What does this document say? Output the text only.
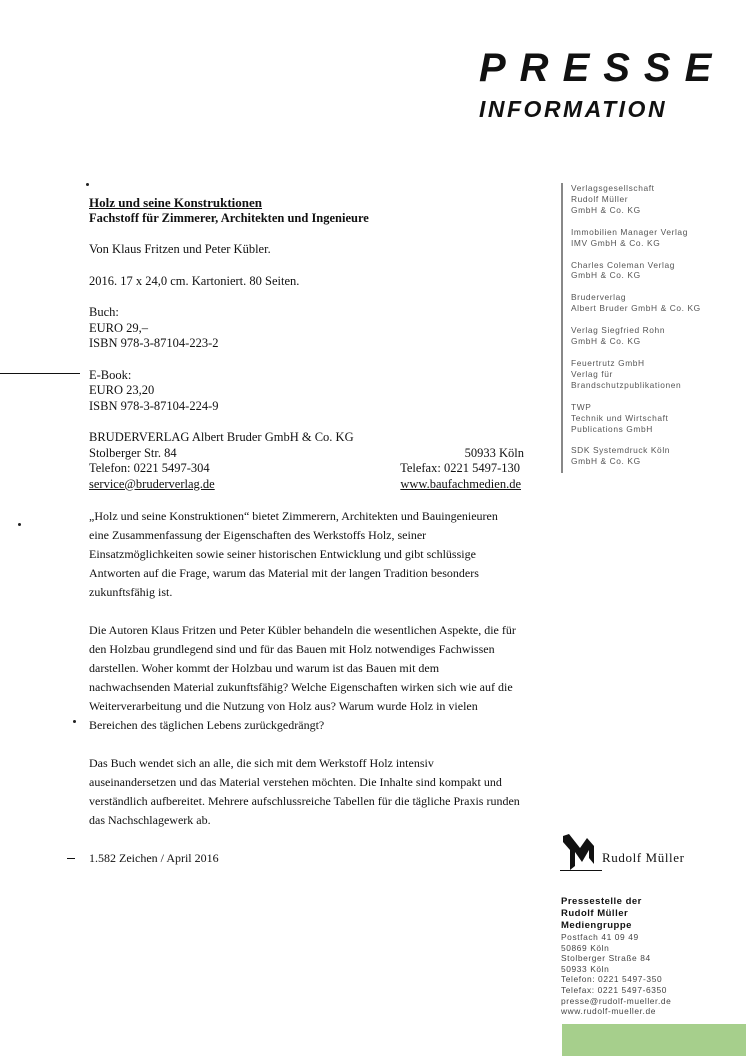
PRESSE
INFORMATION

Holz und seine Konstruktionen

Fachstoff für Zimmerer, Architekten und Ingenieure

Von Klaus Fritzen und Peter Kübler.

2016. 17 x 24,0 cm. Kartoniert. 80 Seiten.

Buch:

EURO 29,–

ISBN 978-3-87104-223-2

E-Book:

EURO 23,20

ISBN 978-3-87104-224-9

BRUDERVERLAG Albert Bruder GmbH & Co. KG

Stolberger Str. 84	50933 Köln
Telefon: 0221 5497-304	Telefax: 0221 5497-130
service@bruderverlag.de	www.baufachmedien.de

„Holz und seine Konstruktionen“ bietet Zimmerern, Architekten und Bauingenieuren
eine Zusammenfassung der Eigenschaften des Werkstoffs Holz, seiner
Einsatzmöglichkeiten sowie seiner historischen Entwicklung und gibt schlüssige
Antworten auf die Frage, warum das Material mit der langen Tradition besonders
zukunftsfähig ist.

Die Autoren Klaus Fritzen und Peter Kübler behandeln die wesentlichen Aspekte, die für
den Holzbau grundlegend sind und für das Bauen mit Holz notwendiges Fachwissen
darstellen. Woher kommt der Holzbau und warum ist das Bauen mit dem
nachwachsenden Material zukunftsfähig? Welche Eigenschaften wirken sich wie auf die
Weiterverarbeitung und die Nutzung von Holz aus? Warum wurde Holz in vielen
Bereichen des täglichen Lebens zurückgedrängt?

Das Buch wendet sich an alle, die sich mit dem Werkstoff Holz intensiv
auseinandersetzen und das Material verstehen möchten. Die Inhalte sind kompakt und
verständlich aufbereitet. Mehrere aufschlussreiche Tabellen für die tägliche Praxis runden
das Nachschlagewerk ab.

1.582 Zeichen / April 2016

Verlagsgesellschaft
Rudolf Müller
GmbH & Co. KG
Immobilien Manager Verlag
IMV GmbH & Co. KG
Charles Coleman Verlag
GmbH & Co. KG
Bruderverlag
Albert Bruder GmbH & Co. KG
Verlag Siegfried Rohn
GmbH & Co. KG
Feuertrutz GmbH
Verlag für
Brandschutzpublikationen
TWP
Technik und Wirtschaft
Publications GmbH
SDK Systemdruck Köln
GmbH & Co. KG
Rudolf Müller
Pressestelle der
Rudolf Müller
Mediengruppe
Postfach 41 09 49
50869 Köln
Stolberger Straße 84
50933 Köln
Telefon: 0221 5497-350
Telefax: 0221 5497-6350
presse@rudolf-mueller.de
www.rudolf-mueller.de
